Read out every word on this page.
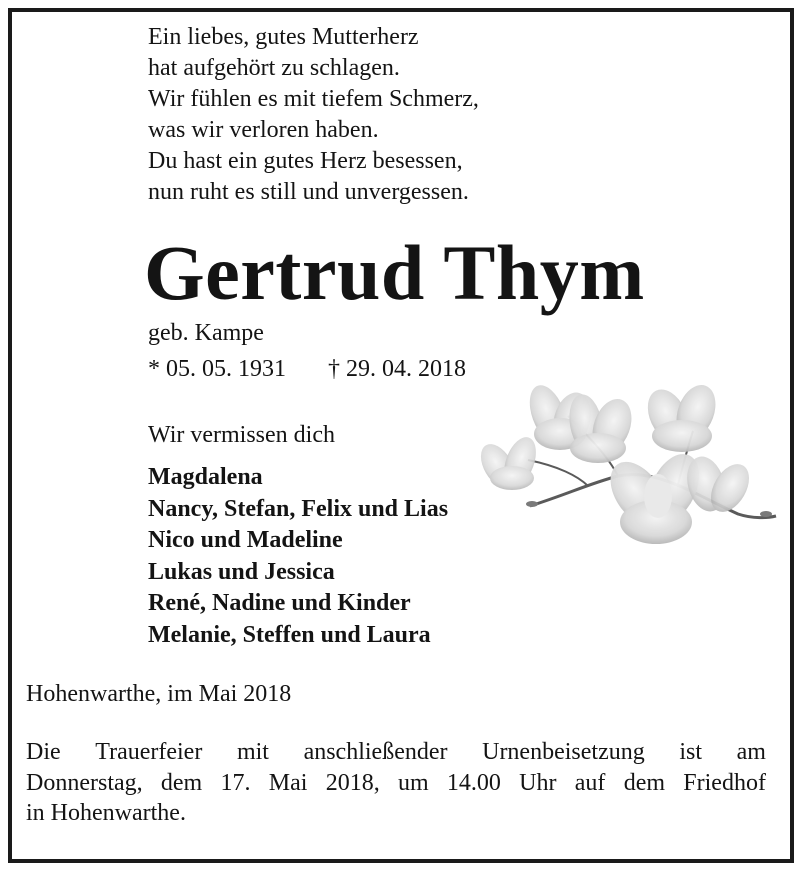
Ein liebes, gutes Mutterherz
hat aufgehört zu schlagen.
Wir fühlen es mit tiefem Schmerz,
was wir verloren haben.
Du hast ein gutes Herz besessen,
nun ruht es still und unvergessen.
Gertrud Thym
geb. Kampe
* 05. 05. 1931 † 29. 04. 2018
Wir vermissen dich
Magdalena
Nancy, Stefan, Felix und Lias
Nico und Madeline
Lukas und Jessica
René, Nadine und Kinder
Melanie, Steffen und Laura
Hohenwarthe, im Mai 2018
Die Trauerfeier mit anschließender Urnenbeisetzung ist am
Donnerstag, dem 17. Mai 2018, um 14.00 Uhr auf dem Friedhof
in Hohenwarthe.
